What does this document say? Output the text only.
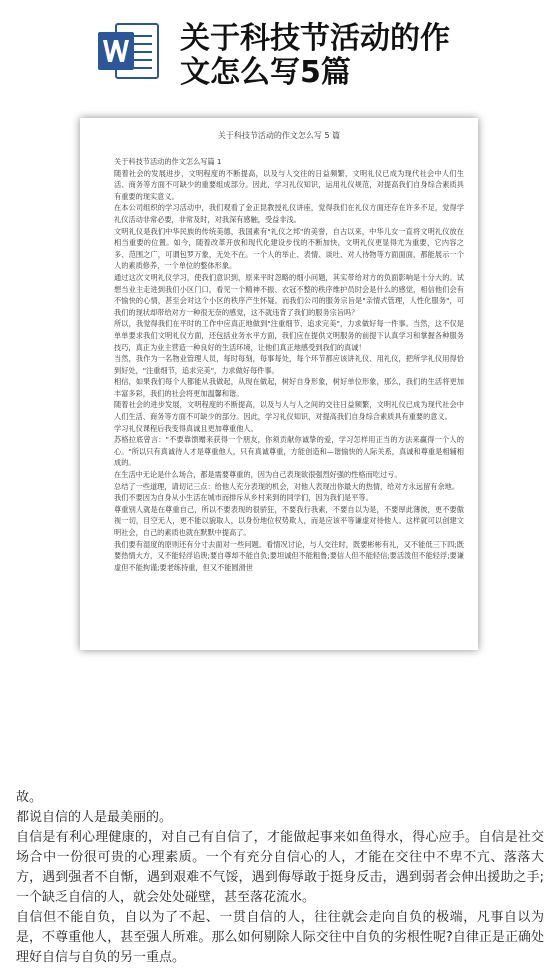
关于科技节活动的作
文怎么写5篇
关于科技节活动的作文怎么写 5 篇

关于科技节活动的作文怎么写篇 1

随着社会的发展进步，文明程度的不断提高，以及与人交往的日益频繁，文明礼仪已成为现代社会中人们生活、商务等方面不可缺少的重要组成部分。因此，学习礼仪知识，运用礼仪规范，对提高我们自身综合素质具有重要的现实意义。

在本公司组织的学习活动中，我们观看了金正昆教授礼仪讲座，觉得我们在礼仪方面还存在许多不足，觉得学礼仪活动非常必要，非常及时，对我深有感触，受益非浅。

文明礼仪是我们中华民族的传统美德，我国素有"礼仪之邦"的美誉，自古以来，中华儿女一直将文明礼仪放在相当重要的位置。如今，随着改革开放和现代化建设步伐的不断加快，文明礼仪更显得尤为重要，它内容之多、范围之广，可谓包罗万象，无处不在。一个人的举止、表情、谈吐、对人待物等方面面面，都能展示一个人的素质修养，一个单位的整体形象。

通过这次文明礼仪学习，使我们意识到，原来平时忽略的细小问题，其实带给对方的负面影响是十分大的。试想当业主走进到我们小区门口，看见一个精神不振、衣冠不整的秩序维护员时会是什么的感觉，相信他们会有不愉快的心情，甚至会对这个小区的秩序产生怀疑。而我们公司的服务宗旨是"亲情式管理，人性化服务"，可我们的现状却带给对方一种很无奈的感觉，这不就违背了我们的服务宗旨吗？

所以，我觉得我们在平时的工作中应真正地做到"注重细节、追求完美"，力求做好每一件事。当然，这不仅是单单要求我们文明礼仪方面，还包括业务水平方面，我们应在提供文明服务的前提下认真学习和掌握各种服务技巧，真正为业主营造一种良好的生活环境，让他们真正地感受到我们的真诚！

当然，我作为一名物业管理人员，每时每刻，每事每处，每个环节都应该讲礼仪、用礼仪，把所学礼仪用得恰到好处，"注重细节，追求完美"，力求做好每件事。

相信，如果我们每个人都能从我做起，从现在做起，树好自身形象，树好单位形象，那么，我们的生活将更加丰富多彩，我们的社会将更加温馨和谐。

随着社会的进步发展，文明程度的不断提高，以及与人与人之间的交往日益频繁，文明礼仪已成为现代社会中人们生活、商务等方面不可缺少的部分。因此，学习礼仪知识，对提高我们自身综合素质具有重要的意义。

学习礼仪课程后我变得真诚且更加尊重他人。

苏格拉底曾言："不要靠馈赠来获得一个朋友，你须贡献你诚挚的爱，学习怎样用正当的方法来赢得一个人的心。"所以只有真诚待人才是尊重他人，只有真诚尊重，方能创造和—谐愉快的人际关系，真诚和尊重是相辅相成的。

在生活中无论是什么场合，都是需要尊重的，因为自己表现欲很强烈好强的性格而吃过亏。

总结了一些道理，请切记三点：给他人充分表现的机会，对他人表现出你最大的热情，给对方永远留有余地。

我们不要因为自身从小生活在城市而排斥从乡村来到的同学们，因为我们是平等。

尊重别人就是在尊重自己，所以不要表现的很骄狂，不要我行我素，不要自以为是，不要厚此薄彼，更不要傲视一切，目空无人，更不能以貌取人，以身份地位权势欺人，而是应该平等谦虚对待他人。这样就可以创建文明社会，自己的素质也就在默默中提高了。

我们要有湿度的原则还有分寸去面对一些问题。看情况讨论，与人交往时，既要彬彬有礼，又不能低三下四;既要热情大方，又不能轻浮谄谀;要自尊却不能自负;要坦诚但不能粗鲁;要信人但不能轻信;要活泼但不能轻浮;要谦虚但不能拘谨;要老练持重，但又不能圆滑世

故。

都说自信的人是最美丽的。

自信是有利心理健康的，对自己有自信了，才能做起事来如鱼得水，得心应手。自信是社交场合中一份很可贵的心理素质。一个有充分自信心的人，才能在交往中不卑不亢、落落大方，遇到强者不自惭，遇到艰难不气馁，遇到侮辱敢于挺身反击，遇到弱者会伸出援助之手;一个缺乏自信的人，就会处处碰壁，甚至落花流水。

自信但不能自负，自以为了不起、一贯自信的人，往往就会走向自负的极端，凡事自以为是，不尊重他人，甚至强人所难。那么如何剔除人际交往中自负的劣根性呢?自律正是正确处理好自信与自负的另一重点。
